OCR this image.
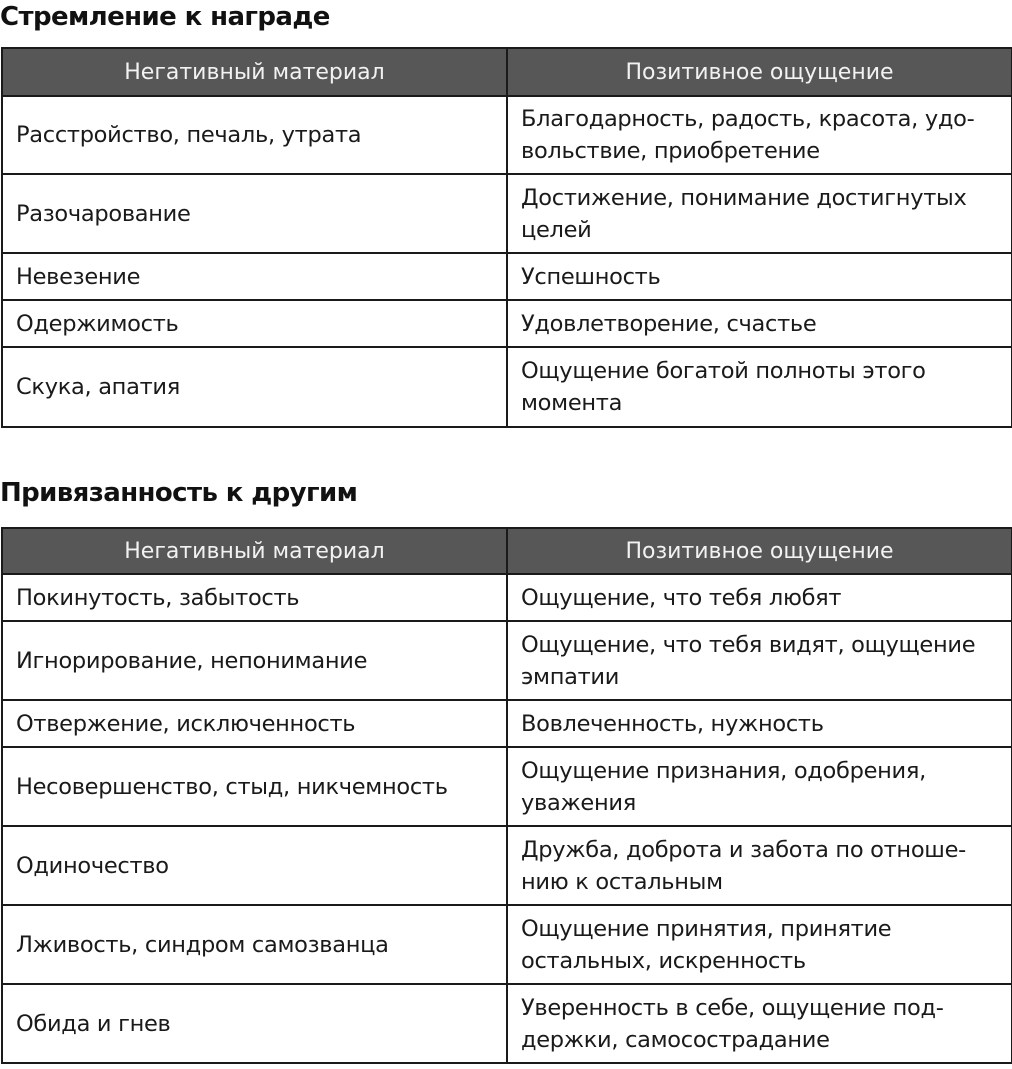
Стремление к награде
Негативный материал	Позитивное ощущение
Расстройство, печаль, утрата	Благодарность, радость, красота, удо-
вольствие, приобретение
Разочарование	Достижение, понимание достигнутых
целей
Невезение	Успешность
Одержимость	Удовлетворение, счастье
Скука, апатия	Ощущение богатой полноты этого
момента
Привязанность к другим
Негативный материал	Позитивное ощущение
Покинутость, забытость	Ощущение, что тебя любят
Игнорирование, непонимание	Ощущение, что тебя видят, ощущение
эмпатии
Отвержение, исключенность	Вовлеченность, нужность
Несовершенство, стыд, никчемность	Ощущение признания, одобрения,
уважения
Одиночество	Дружба, доброта и забота по отноше-
нию к остальным
Лживость, синдром самозванца	Ощущение принятия, принятие
остальных, искренность
Обида и гнев	Уверенность в себе, ощущение под-
держки, самосострадание
